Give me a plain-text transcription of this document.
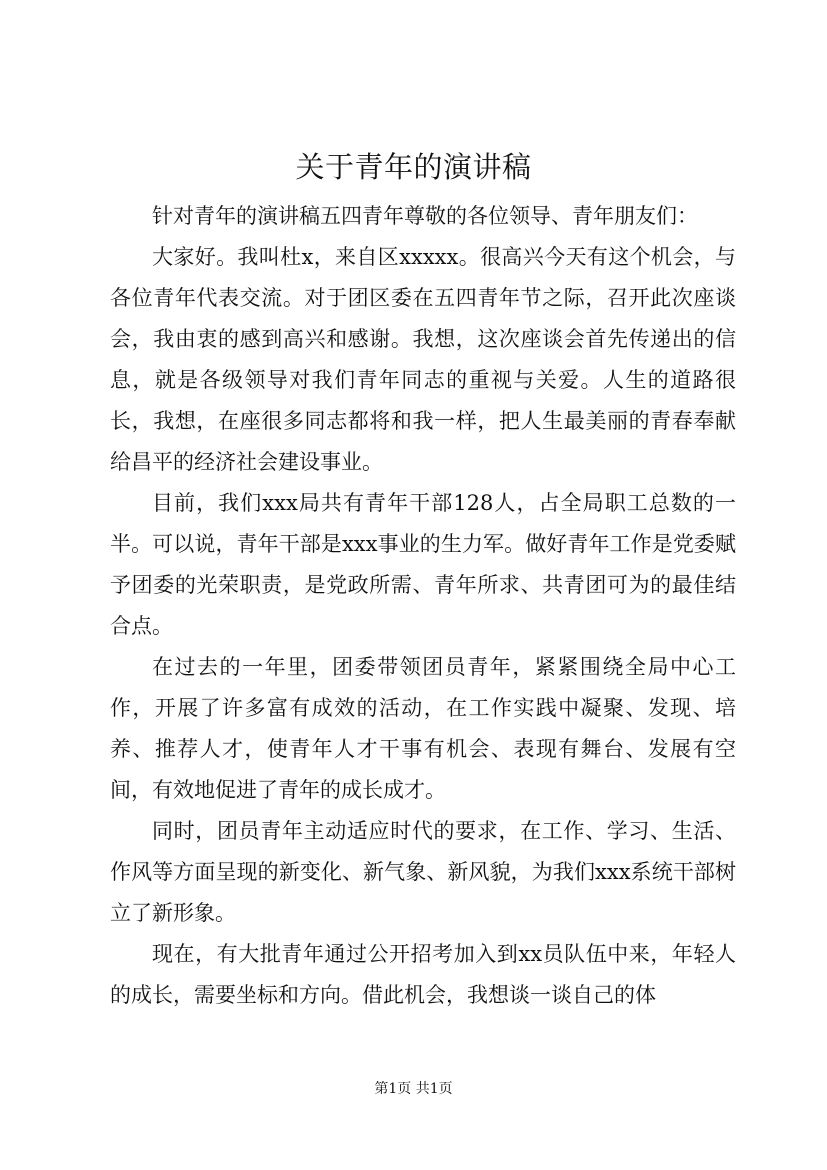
关于青年的演讲稿

针对青年的演讲稿五四青年尊敬的各位领导、青年朋友们：

大家好。我叫杜x，来自区xxxxx。很高兴今天有这个机会，与各位青年代表交流。对于团区委在五四青年节之际，召开此次座谈会，我由衷的感到高兴和感谢。我想，这次座谈会首先传递出的信息，就是各级领导对我们青年同志的重视与关爱。人生的道路很长，我想，在座很多同志都将和我一样，把人生最美丽的青春奉献给昌平的经济社会建设事业。

目前，我们xxx局共有青年干部128人，占全局职工总数的一半。可以说，青年干部是xxx事业的生力军。做好青年工作是党委赋予团委的光荣职责，是党政所需、青年所求、共青团可为的最佳结合点。

在过去的一年里，团委带领团员青年，紧紧围绕全局中心工作，开展了许多富有成效的活动，在工作实践中凝聚、发现、培养、推荐人才，使青年人才干事有机会、表现有舞台、发展有空间，有效地促进了青年的成长成才。

同时，团员青年主动适应时代的要求，在工作、学习、生活、作风等方面呈现的新变化、新气象、新风貌，为我们xxx系统干部树立了新形象。

现在，有大批青年通过公开招考加入到xx员队伍中来，年轻人的成长，需要坐标和方向。借此机会，我想谈一谈自己的体

第1页 共1页
